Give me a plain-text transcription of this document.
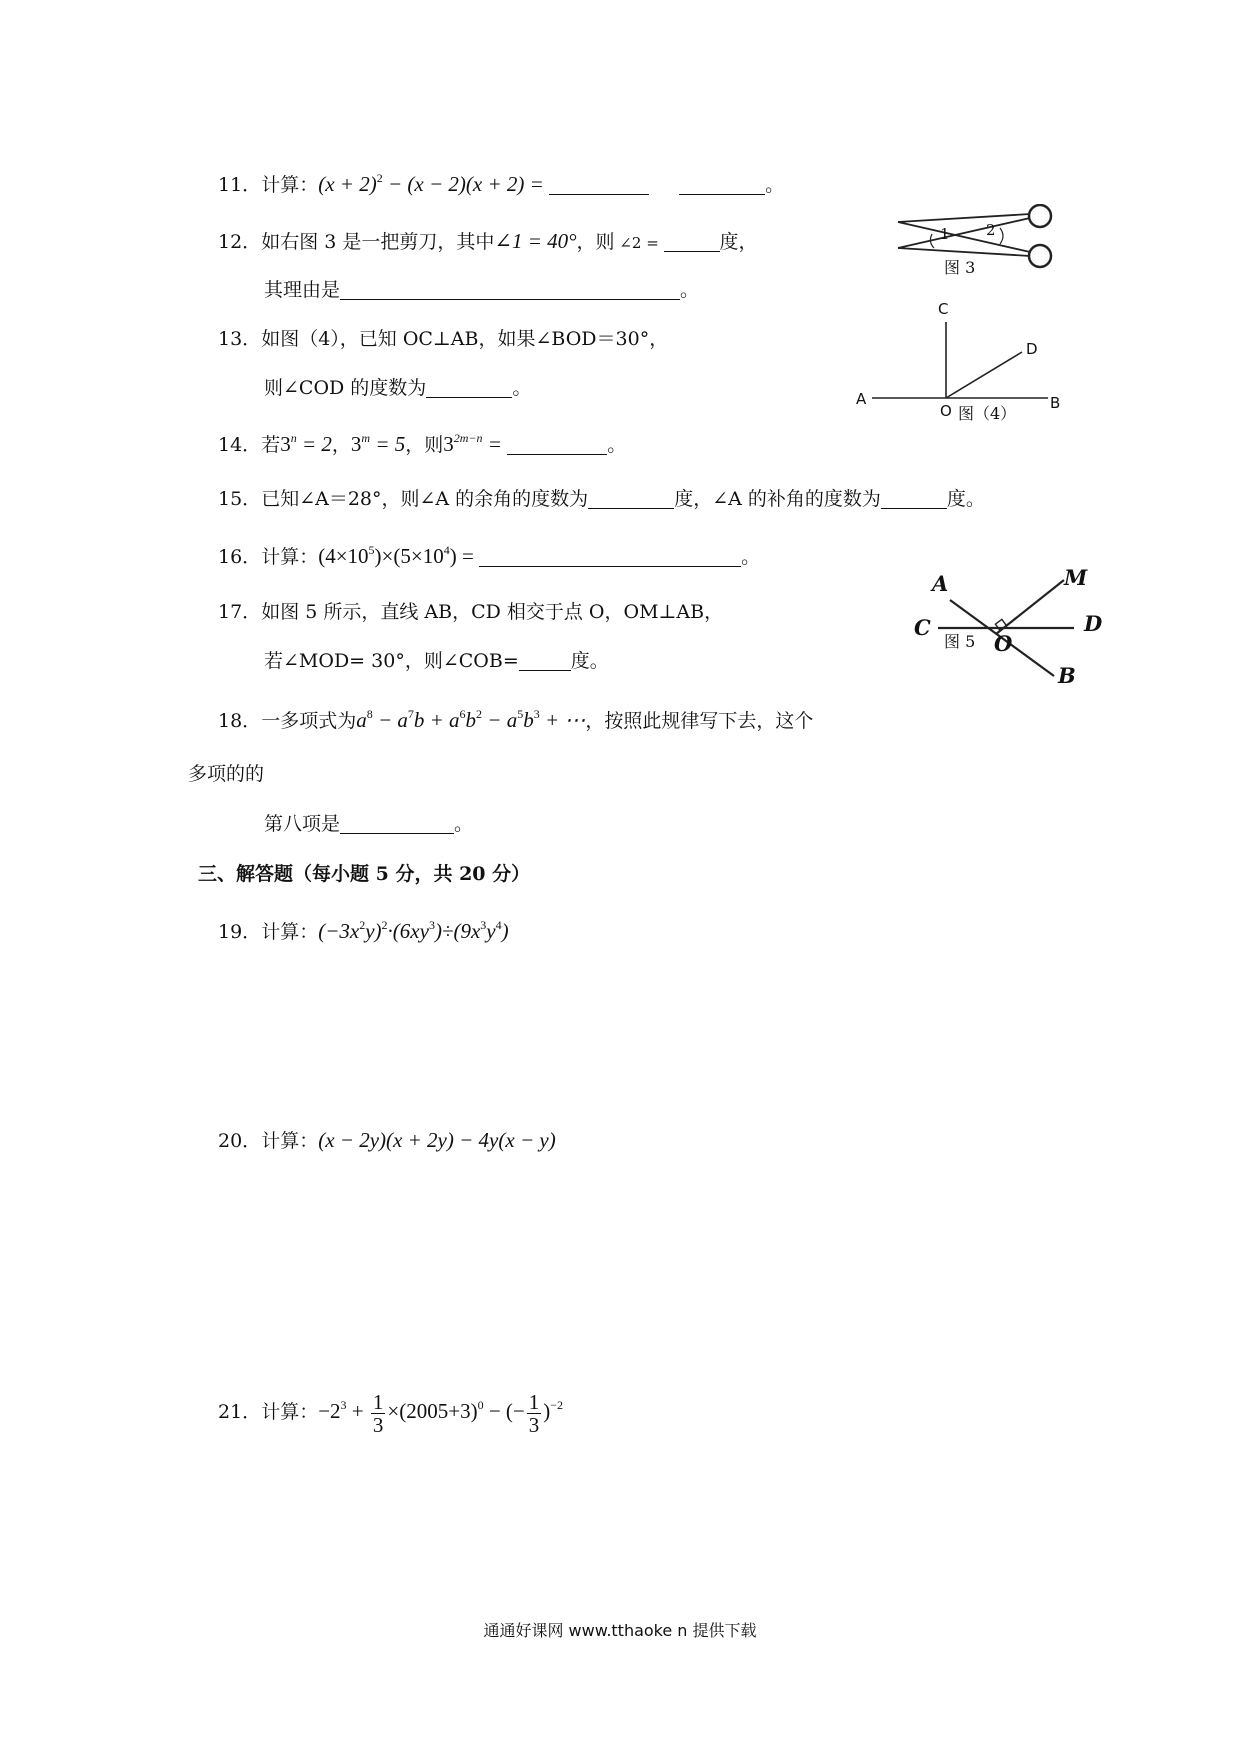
11．计算：$(x + 2)^2 - (x - 2)(x + 2)$ =	。
12．如右图 3 是一把剪刀，其中∠1 = 40°，则 ∠2 =	度，
其理由是	。
13．如图（4），已知 OC⊥AB，如果∠BOD＝30°，
则∠COD 的度数为	。
14．若$3^n = 2$，$3^m = 5$，则$3^{2m-n}$ =	。
15．已知∠A＝28°，则∠A 的余角的度数为	度，∠A 的补角的度数为	度。
16．计算：$(4\times 10^5)\times(5\times 10^4)$ =	。
17．如图 5 所示，直线 AB，CD 相交于点 O，OM⊥AB，
若∠MOD= 30°，则∠COB=	度。
18．一多项式为$a^8 - a^7b + a^6b^2 - a^5b^3$ + ⋯，按照此规律写下去，这个
多项的的
第八项是	。
三、解答题（每小题 5 分，共 20 分）
19．计算：$(-3x^2y)^2\cdot(6xy^3)\div(9x^3y^4)$
20．计算：(x − 2y)(x + 2y) − 4y(x − y)
21．计算：$-2^3 + \frac{1}{3} \times(2005+3)^0$ − (− $\frac{1}{3} )^{-2}$
1 2
图 3
C
D
A	B
O 图（4）
A	M
C	D
O
B
图 5
通通好课网 www.tthaoke n 提供下载
